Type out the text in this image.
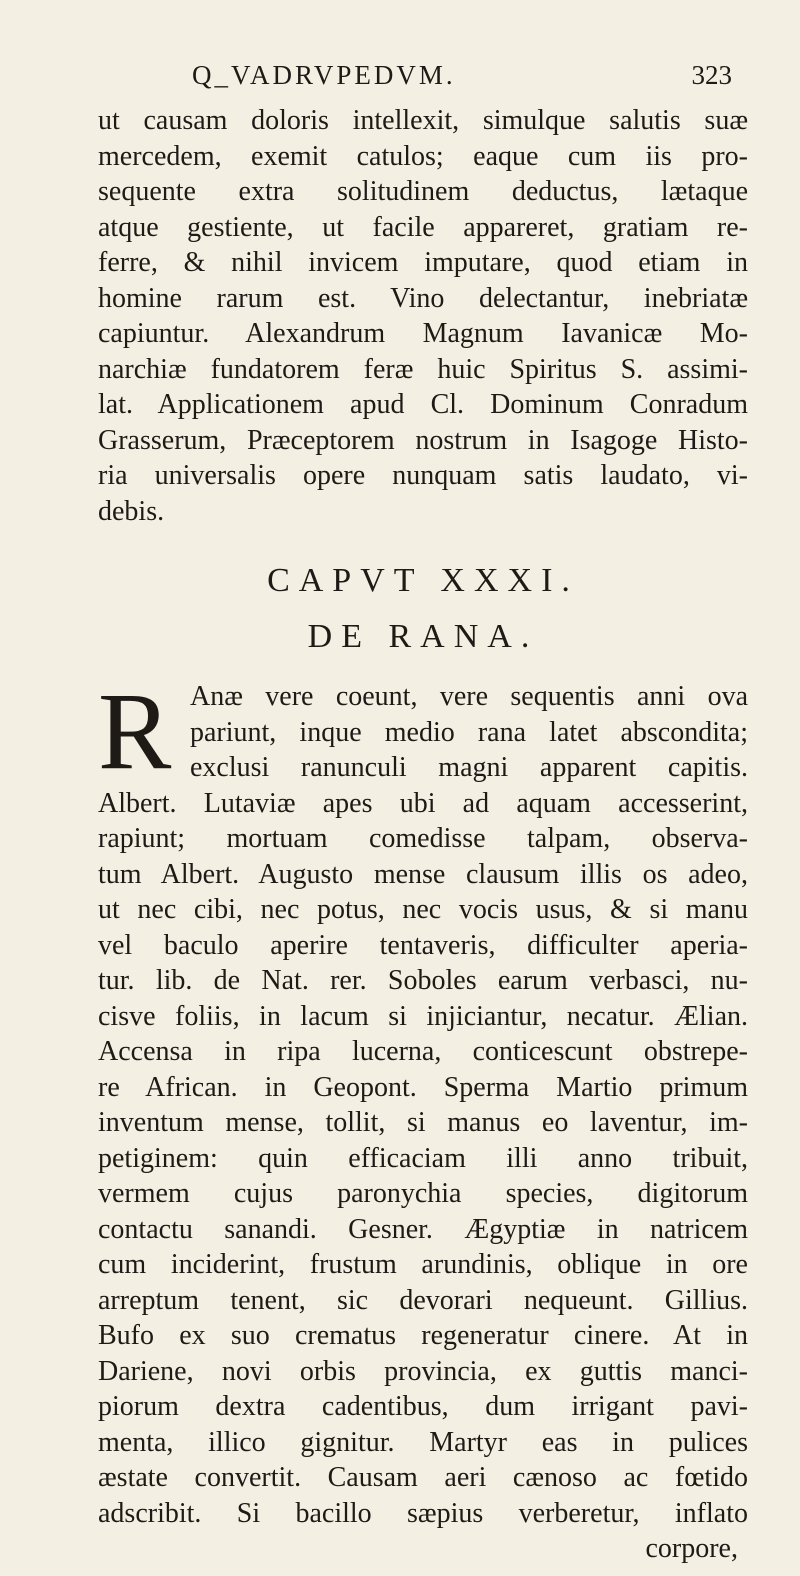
Q_VADRVPEDVM.	323
ut causam doloris intellexit, simulque salutis suæ
mercedem, exemit catulos; eaque cum iis pro-
sequente extra solitudinem deductus, lætaque
atque gestiente, ut facile appareret, gratiam re-
ferre, & nihil invicem imputare, quod etiam in
homine rarum est. Vino delectantur, inebriatæ
capiuntur. Alexandrum Magnum Iavanicæ Mo-
narchiæ fundatorem feræ huic Spiritus S. assimi-
lat. Applicationem apud Cl. Dominum Conradum
Grasserum, Præceptorem nostrum in Isagoge Histo-
ria universalis opere nunquam satis laudato, vi-
debis.
CAPVT XXXI.
DE RANA.
R Anæ vere coeunt, vere sequentis anni ova
pariunt, inque medio rana latet abscondita;
exclusi ranunculi magni apparent capitis.
Albert. Lutaviæ apes ubi ad aquam accesserint,
rapiunt; mortuam comedisse talpam, observa-
tum Albert. Augusto mense clausum illis os adeo,
ut nec cibi, nec potus, nec vocis usus, & si manu
vel baculo aperire tentaveris, difficulter aperia-
tur. lib. de Nat. rer. Soboles earum verbasci, nu-
cisve foliis, in lacum si injiciantur, necatur. Ælian.
Accensa in ripa lucerna, conticescunt obstrepe-
re African. in Geopont. Sperma Martio primum
inventum mense, tollit, si manus eo laventur, im-
petiginem: quin efficaciam illi anno tribuit,
vermem cujus paronychia species, digitorum
contactu sanandi. Gesner. Ægyptiæ in natricem
cum inciderint, frustum arundinis, oblique in ore
arreptum tenent, sic devorari nequeunt. Gillius.
Bufo ex suo crematus regeneratur cinere. At in
Dariene, novi orbis provincia, ex guttis manci-
piorum dextra cadentibus, dum irrigant pavi-
menta, illico gignitur. Martyr eas in pulices
æstate convertit. Causam aeri cænoso ac fœtido
adscribit. Si bacillo sæpius verberetur, inflato
corpore,
